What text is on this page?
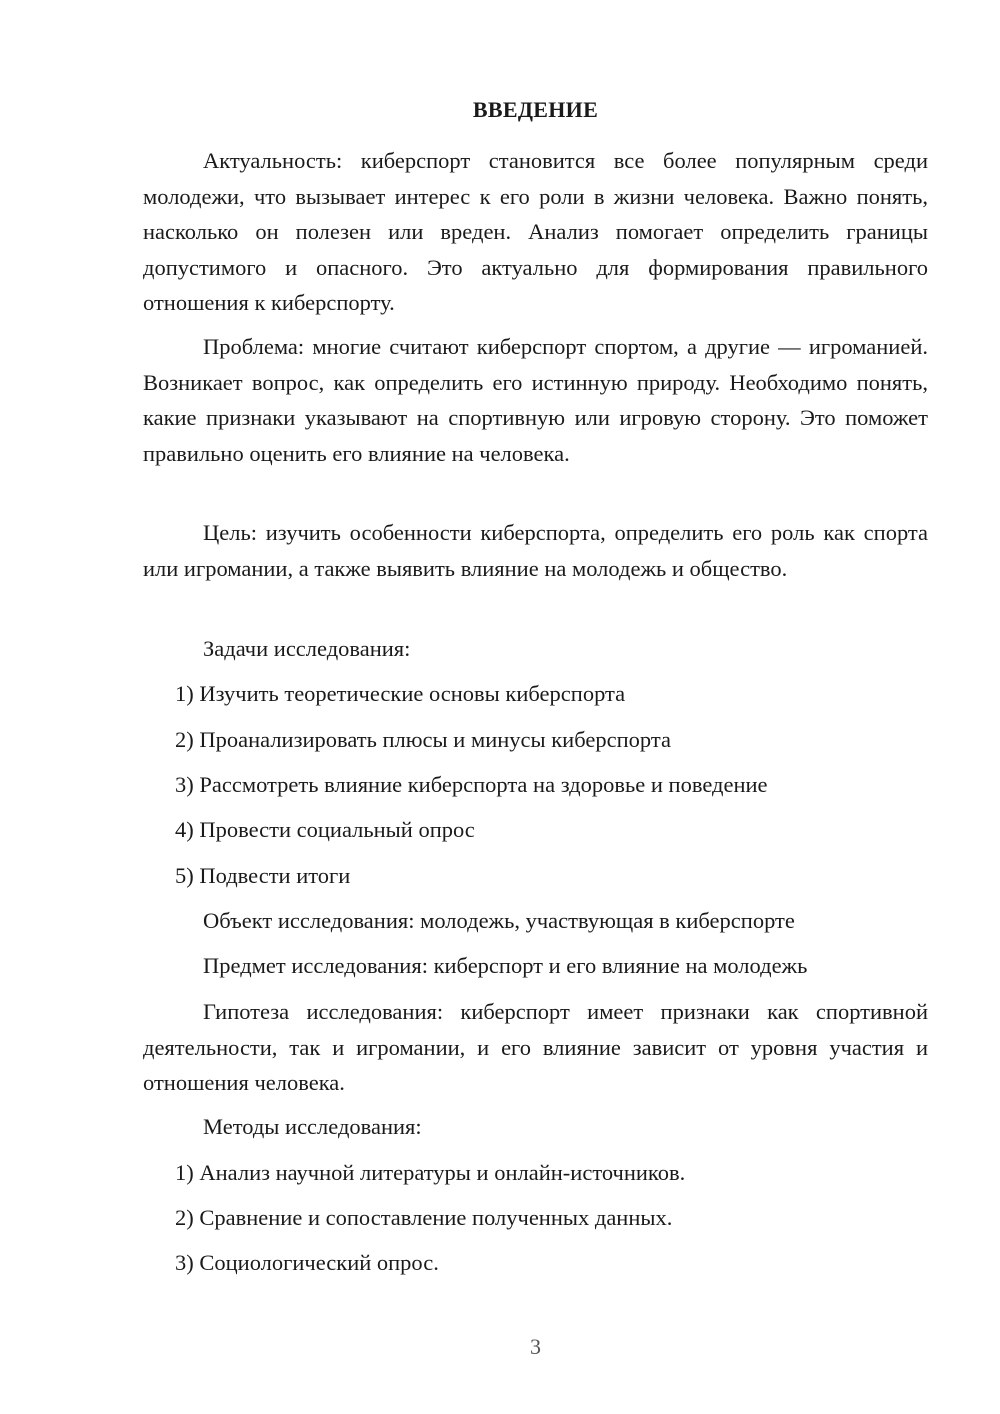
ВВЕДЕНИЕ

Актуальность: киберспорт становится все более популярным среди молодежи, что вызывает интерес к его роли в жизни человека. Важно понять, насколько он полезен или вреден. Анализ помогает определить границы допустимого и опасного. Это актуально для формирования правильного отношения к киберспорту.

Проблема: многие считают киберспорт спортом, а другие — игроманией. Возникает вопрос, как определить его истинную природу. Необходимо понять, какие признаки указывают на спортивную или игровую сторону. Это поможет правильно оценить его влияние на человека.

Цель: изучить особенности киберспорта, определить его роль как спорта или игромании, а также выявить влияние на молодежь и общество.

Задачи исследования:

1) Изучить теоретические основы киберспорта

2) Проанализировать плюсы и минусы киберспорта

3) Рассмотреть влияние киберспорта на здоровье и поведение

4) Провести социальный опрос

5) Подвести итоги

Объект исследования: молодежь, участвующая в киберспорте

Предмет исследования: киберспорт и его влияние на молодежь

Гипотеза исследования: киберспорт имеет признаки как спортивной деятельности, так и игромании, и его влияние зависит от уровня участия и отношения человека.

Методы исследования:

1) Анализ научной литературы и онлайн-источников.

2) Сравнение и сопоставление полученных данных.

3) Социологический опрос.

3
